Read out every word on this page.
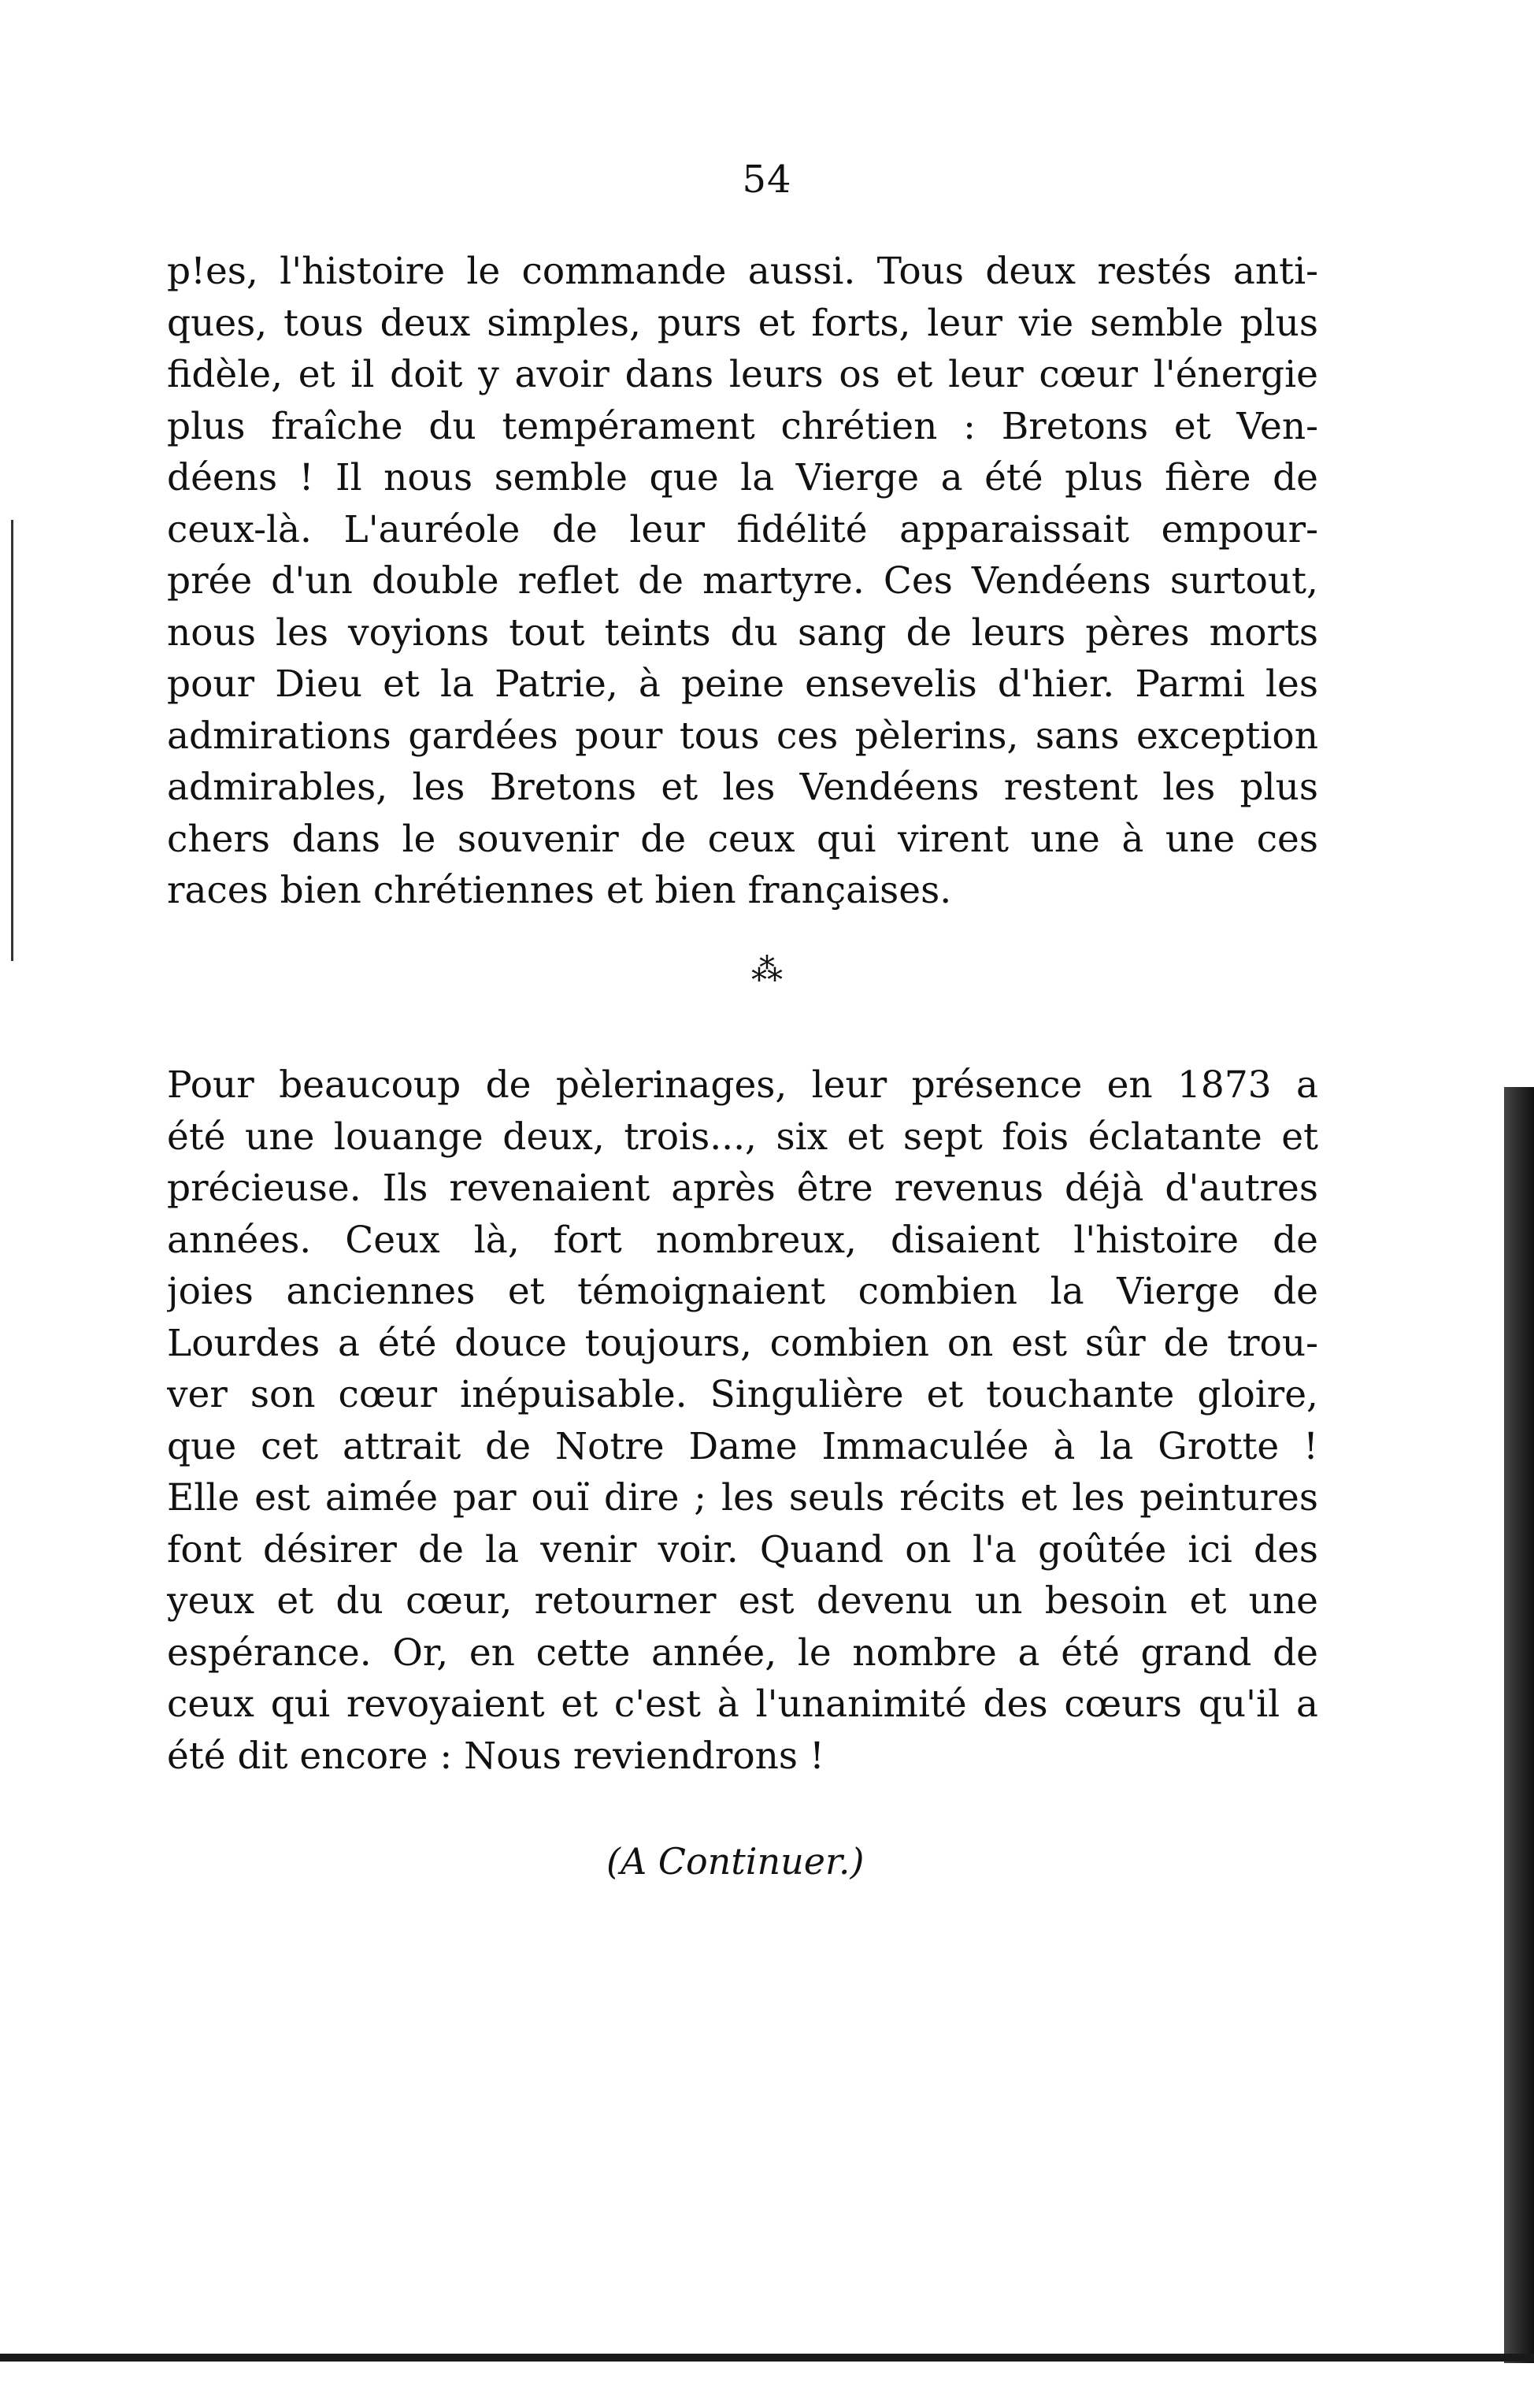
54
p!es, l'histoire le commande aussi. Tous deux restés anti-
ques, tous deux simples, purs et forts, leur vie semble plus
fidèle, et il doit y avoir dans leurs os et leur cœur l'énergie
plus fraîche du tempérament chrétien : Bretons et Ven-
déens ! Il nous semble que la Vierge a été plus fière de
ceux-là. L'auréole de leur fidélité apparaissait empour-
prée d'un double reflet de martyre. Ces Vendéens surtout,
nous les voyions tout teints du sang de leurs pères morts
pour Dieu et la Patrie, à peine ensevelis d'hier. Parmi les
admirations gardées pour tous ces pèlerins, sans exception
admirables, les Bretons et les Vendéens restent les plus
chers dans le souvenir de ceux qui virent une à une ces
races bien chrétiennes et bien françaises.
⁂
Pour beaucoup de pèlerinages, leur présence en 1873 a
été une louange deux, trois..., six et sept fois éclatante et
précieuse. Ils revenaient après être revenus déjà d'autres
années. Ceux là, fort nombreux, disaient l'histoire de
joies anciennes et témoignaient combien la Vierge de
Lourdes a été douce toujours, combien on est sûr de trou-
ver son cœur inépuisable. Singulière et touchante gloire,
que cet attrait de Notre Dame Immaculée à la Grotte !
Elle est aimée par ouï dire ; les seuls récits et les peintures
font désirer de la venir voir. Quand on l'a goûtée ici des
yeux et du cœur, retourner est devenu un besoin et une
espérance. Or, en cette année, le nombre a été grand de
ceux qui revoyaient et c'est à l'unanimité des cœurs qu'il a
été dit encore : Nous reviendrons !
(A Continuer.)
